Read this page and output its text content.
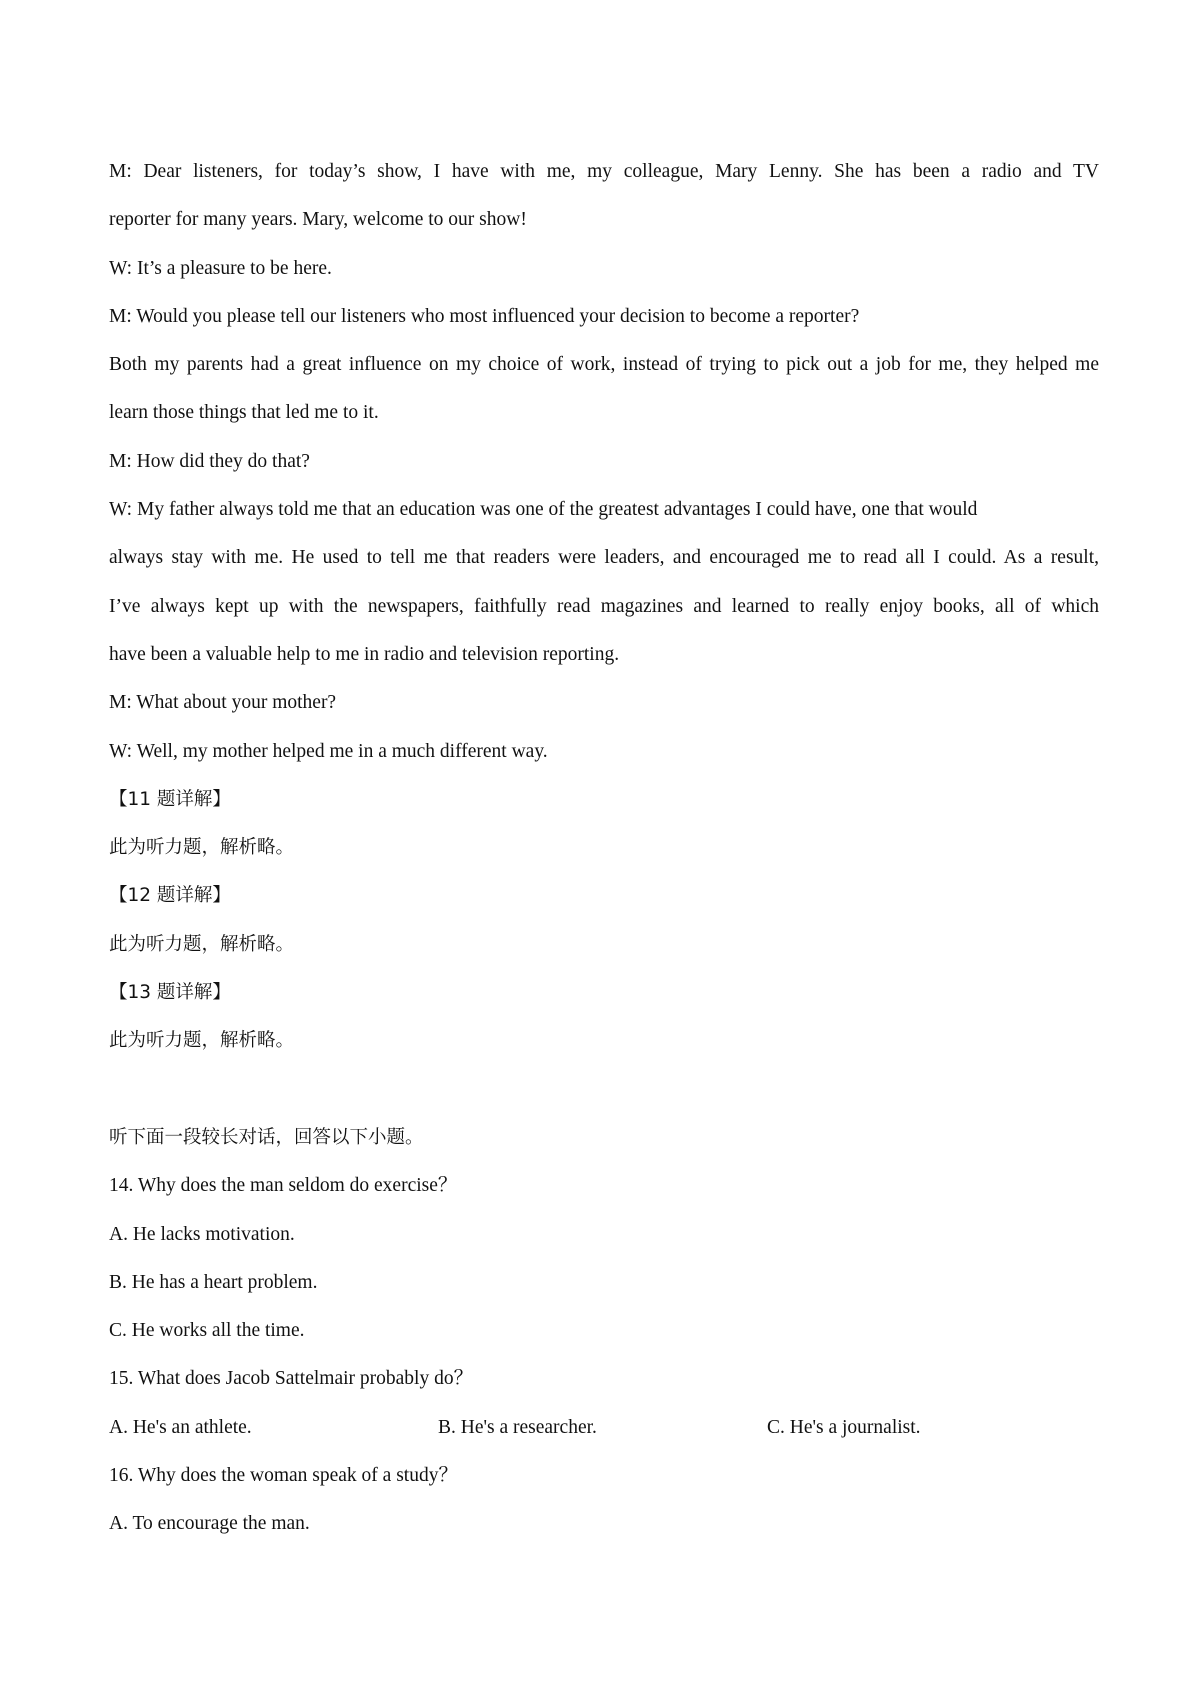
M: Dear listeners, for today’s show, I have with me, my colleague, Mary Lenny. She has been a radio and TV
reporter for many years. Mary, welcome to our show!
W: It’s a pleasure to be here.
M: Would you please tell our listeners who most influenced your decision to become a reporter?
Both my parents had a great influence on my choice of work, instead of trying to pick out a job for me, they helped me
learn those things that led me to it.
M: How did they do that?
W: My father always told me that an education was one of the greatest advantages I could have, one that would
always stay with me. He used to tell me that readers were leaders, and encouraged me to read all I could. As a result,
I’ve always kept up with the newspapers, faithfully read magazines and learned to really enjoy books, all of which
have been a valuable help to me in radio and television reporting.
M: What about your mother?
W: Well, my mother helped me in a much different way.
【11 题详解】
此为听力题，解析略。
【12 题详解】
此为听力题，解析略。
【13 题详解】
此为听力题，解析略。
听下面一段较长对话，回答以下小题。
14. Why does the man seldom do exercise？
A. He lacks motivation.
B. He has a heart problem.
C. He works all the time.
15. What does Jacob Sattelmair probably do？
A. He's an athlete.	B. He's a researcher.	C. He's a journalist.
16. Why does the woman speak of a study？
A. To encourage the man.
